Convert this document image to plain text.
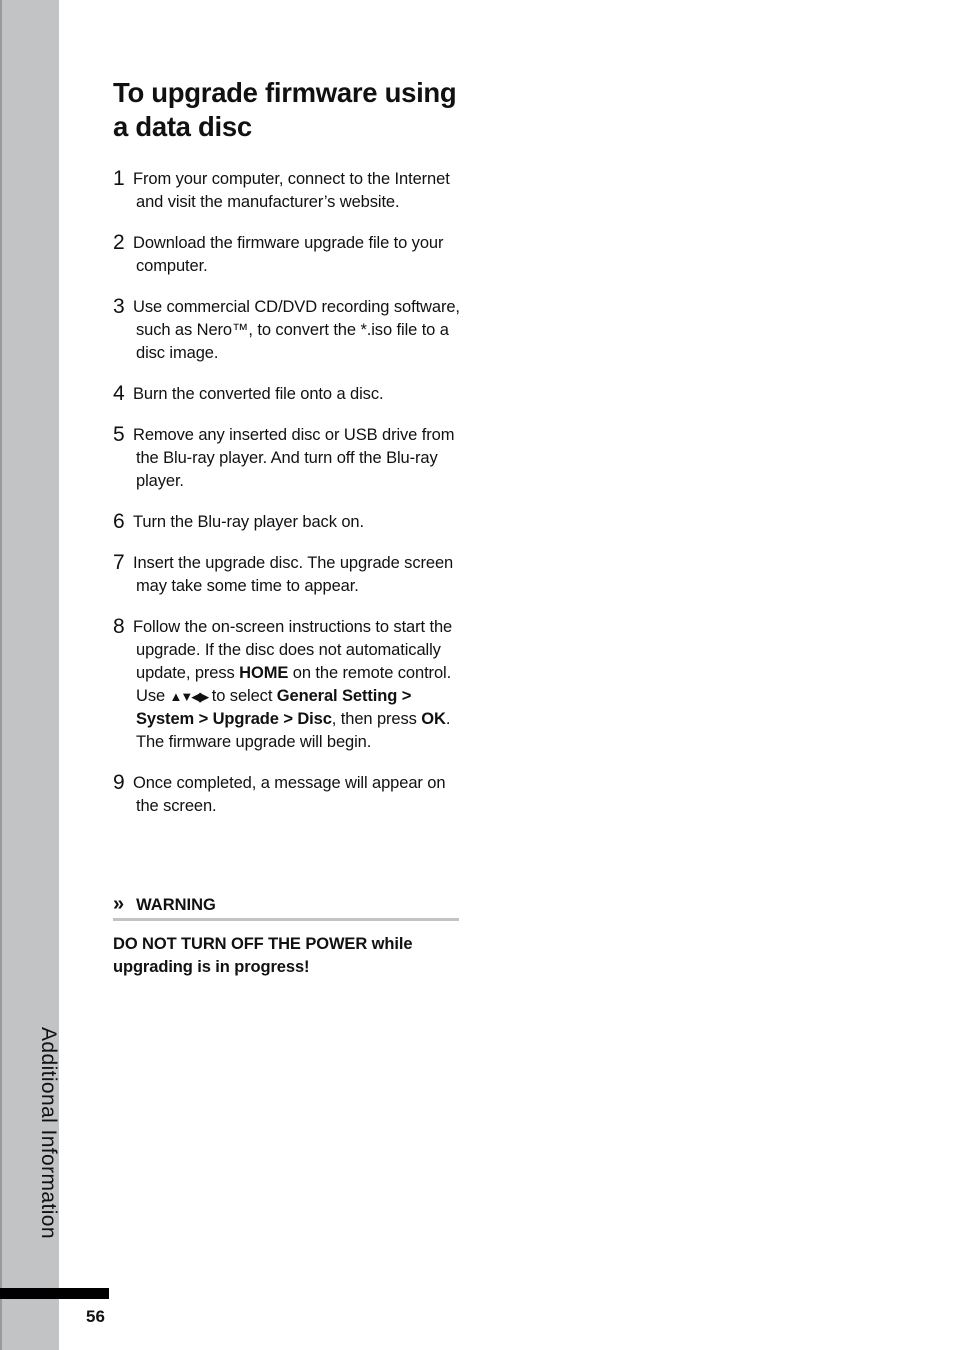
Additional Information
56
To upgrade firmware using a data disc
1 From your computer, connect to the Internet and visit the manufacturer’s website.
2 Download the firmware upgrade file to your computer.
3 Use commercial CD/DVD recording software, such as Nero™, to convert the *.iso file to a disc image.
4 Burn the converted file onto a disc.
5 Remove any inserted disc or USB drive from the Blu-ray player. And turn off the Blu-ray player.
6 Turn the Blu-ray player back on.
7 Insert the upgrade disc. The upgrade screen may take some time to appear.
8 Follow the on-screen instructions to start the upgrade. If the disc does not automatically update, press HOME on the remote control. Use ▲▼◀▶ to select General Setting > System > Upgrade > Disc, then press OK. The firmware upgrade will begin.
9 Once completed, a message will appear on the screen.
» WARNING
DO NOT TURN OFF THE POWER while upgrading is in progress!
